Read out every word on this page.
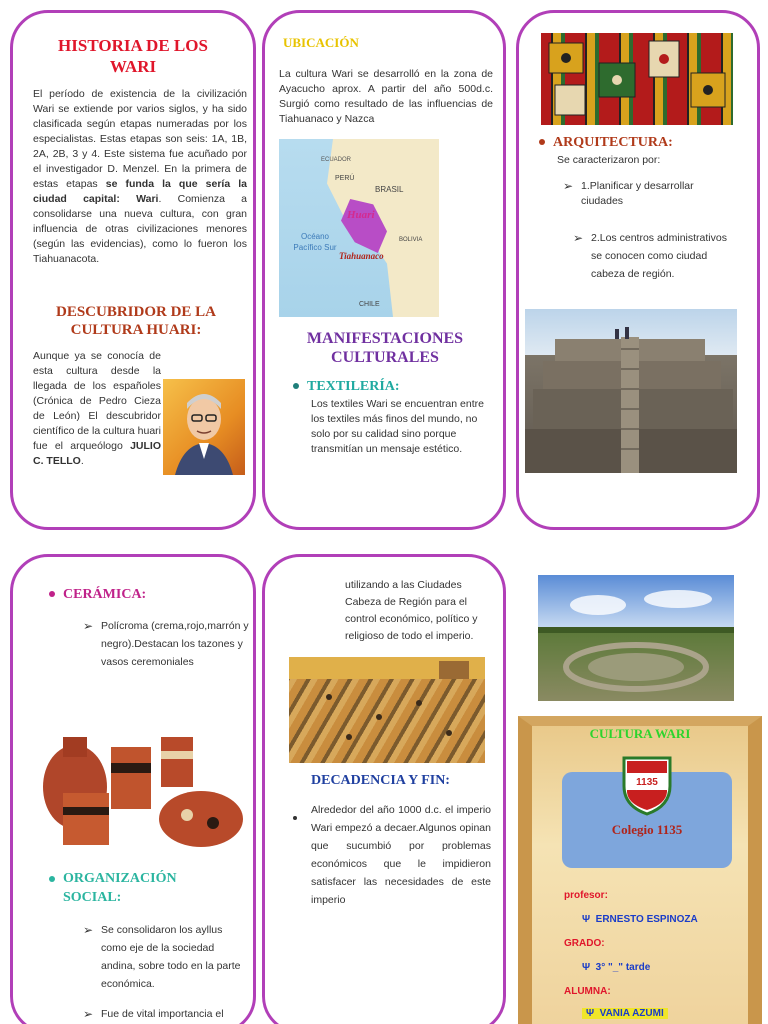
HISTORIA DE LOS WARI
El período de existencia de la civilización Wari se extiende por varios siglos, y ha sido clasificada según etapas numeradas por los especialistas. Estas etapas son seis: 1A, 1B, 2A, 2B, 3 y 4. Este sistema fue acuñado por el investigador D. Menzel. En la primera de estas etapas se funda la que sería la ciudad capital: Wari. Comienza a consolidarse una nueva cultura, con gran influencia de otras civilizaciones menores (según las evidencias), como lo fueron los Tiahuanacota.
DESCUBRIDOR DE LA CULTURA HUARI:
Aunque ya se conocía de esta cultura desde la llegada de los españoles (Crónica de Pedro Cieza de León) El descubridor científico de la cultura huari fue el arqueólogo JULIO C. TELLO.
UBICACIÓN
La cultura Wari se desarrolló en la zona de Ayacucho aprox. A partir del año 500d.c. Surgió como resultado de las influencias de Tiahuanaco y Nazca
ECUADOR
PERÚ
BRASIL
Huari
Océano Pacífico Sur
Tiahuanaco
BOLIVIA
CHILE
MANIFESTACIONES CULTURALES
TEXTILERÍA:
Los textiles Wari se encuentran entre los textiles más finos del mundo, no solo por su calidad sino porque transmitían un mensaje estético.
ARQUITECTURA:
Se caracterizaron por:
➢ 1.Planificar y desarrollar ciudades
➢ 2.Los centros administrativos se conocen como ciudad cabeza de región.
CERÁMICA:
➢ Polícroma (crema,rojo,marrón y negro).Destacan los tazones y vasos ceremoniales
ORGANIZACIÓN SOCIAL:
➢ Se consolidaron los ayllus como eje de la sociedad andina, sobre todo en la parte económica.
➢ Fue de vital importancia el
utilizando a las Ciudades Cabeza de Región para el control económico, político y religioso de todo el imperio.
DECADENCIA Y FIN:
Alrededor del año 1000 d.c. el imperio Wari empezó a decaer.Algunos opinan que sucumbió por problemas económicos que le impidieron satisfacer las necesidades de este imperio
CULTURA WARI
1135
Colegio 1135
profesor:
Ψ ERNESTO ESPINOZA
GRADO:
Ψ 3° "_" tarde
ALUMNA:
Ψ VANIA AZUMI
